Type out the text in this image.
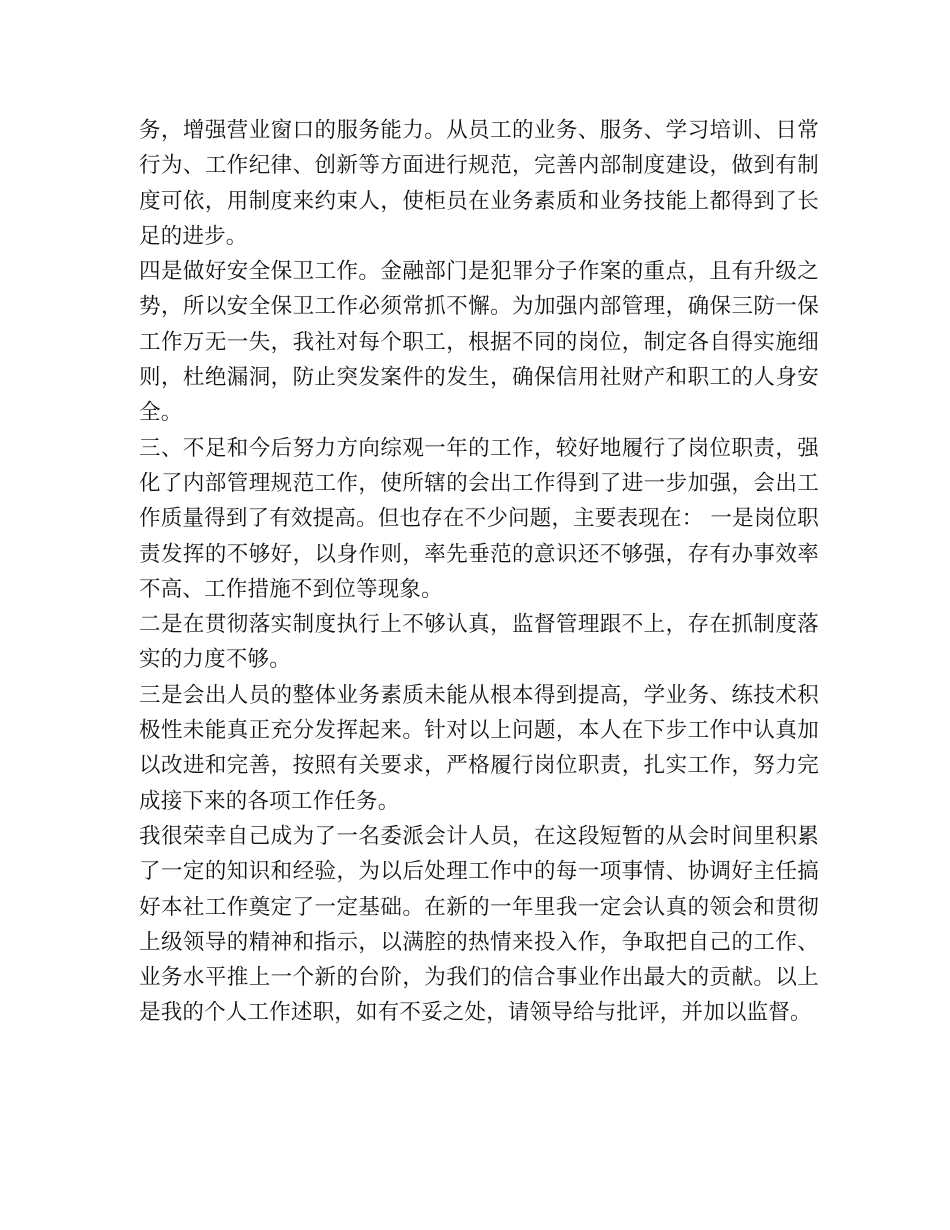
务，增强营业窗口的服务能力。从员工的业务、服务、学习培训、日常行为、工作纪律、创新等方面进行规范，完善内部制度建设，做到有制度可依，用制度来约束人，使柜员在业务素质和业务技能上都得到了长足的进步。

四是做好安全保卫工作。金融部门是犯罪分子作案的重点，且有升级之势，所以安全保卫工作必须常抓不懈。为加强内部管理，确保三防一保工作万无一失，我社对每个职工，根据不同的岗位，制定各自得实施细则，杜绝漏洞，防止突发案件的发生，确保信用社财产和职工的人身安全。

三、不足和今后努力方向综观一年的工作，较好地履行了岗位职责，强化了内部管理规范工作，使所辖的会出工作得到了进一步加强，会出工作质量得到了有效提高。但也存在不少问题，主要表现在： 一是岗位职责发挥的不够好，以身作则，率先垂范的意识还不够强，存有办事效率不高、工作措施不到位等现象。

二是在贯彻落实制度执行上不够认真，监督管理跟不上，存在抓制度落实的力度不够。

三是会出人员的整体业务素质未能从根本得到提高，学业务、练技术积极性未能真正充分发挥起来。针对以上问题，本人在下步工作中认真加以改进和完善，按照有关要求，严格履行岗位职责，扎实工作，努力完成接下来的各项工作任务。

我很荣幸自己成为了一名委派会计人员，在这段短暂的从会时间里积累了一定的知识和经验，为以后处理工作中的每一项事情、协调好主任搞好本社工作奠定了一定基础。在新的一年里我一定会认真的领会和贯彻上级领导的精神和指示，以满腔的热情来投入作，争取把自己的工作、业务水平推上一个新的台阶，为我们的信合事业作出最大的贡献。以上是我的个人工作述职，如有不妥之处，请领导给与批评，并加以监督。
